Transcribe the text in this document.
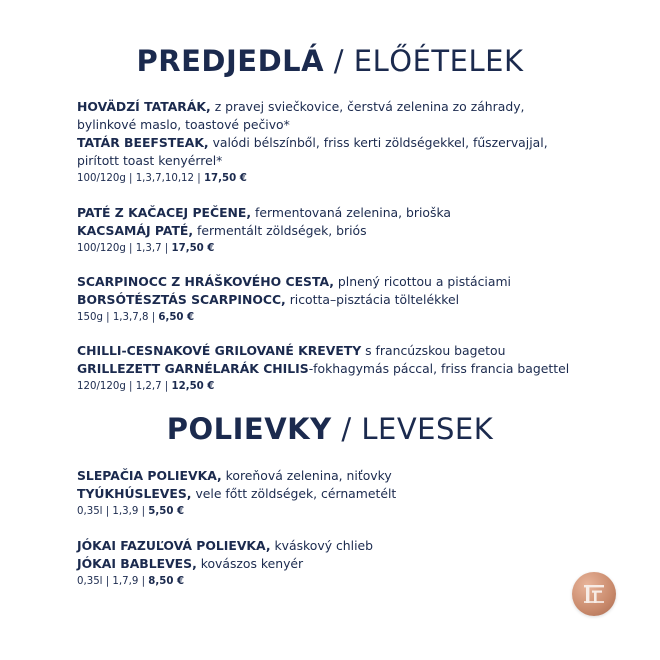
PREDJEDLÁ / ELŐÉTELEK
HOVÄDZÍ TATARÁK, z pravej sviečkovice, čerstvá zelenina zo záhrady,
bylinkové maslo, toastové pečivo*
TATÁR BEEFSTEAK, valódi bélszínből, friss kerti zöldségekkel, fűszervajjal,
pirított toast kenyérrel*
100/120g | 1,3,7,10,12 | 17,50 €
PATÉ Z KAČACEJ PEČENE, fermentovaná zelenina, brioška
KACSAMÁJ PATÉ, fermentált zöldségek, briós
100/120g | 1,3,7 | 17,50 €
SCARPINOCC Z HRÁŠKOVÉHO CESTA, plnený ricottou a pistáciami
BORSÓTÉSZTÁS SCARPINOCC, ricotta–pisztácia töltelékkel
150g | 1,3,7,8 | 6,50 €
CHILLI-CESNAKOVÉ GRILOVANÉ KREVETY s francúzskou bagetou
GRILLEZETT GARNÉLARÁK CHILIS-fokhagymás páccal, friss francia bagettel
120/120g | 1,2,7 | 12,50 €
POLIEVKY / LEVESEK
SLEPAČIA POLIEVKA, koreňová zelenina, niťovky
TYÚKHÚSLEVES, vele főtt zöldségek, cérnametélt
0,35l | 1,3,9 | 5,50 €
JÓKAI FAZUĽOVÁ POLIEVKA, kváskový chlieb
JÓKAI BABLEVES, kovászos kenyér
0,35l | 1,7,9 | 8,50 €
